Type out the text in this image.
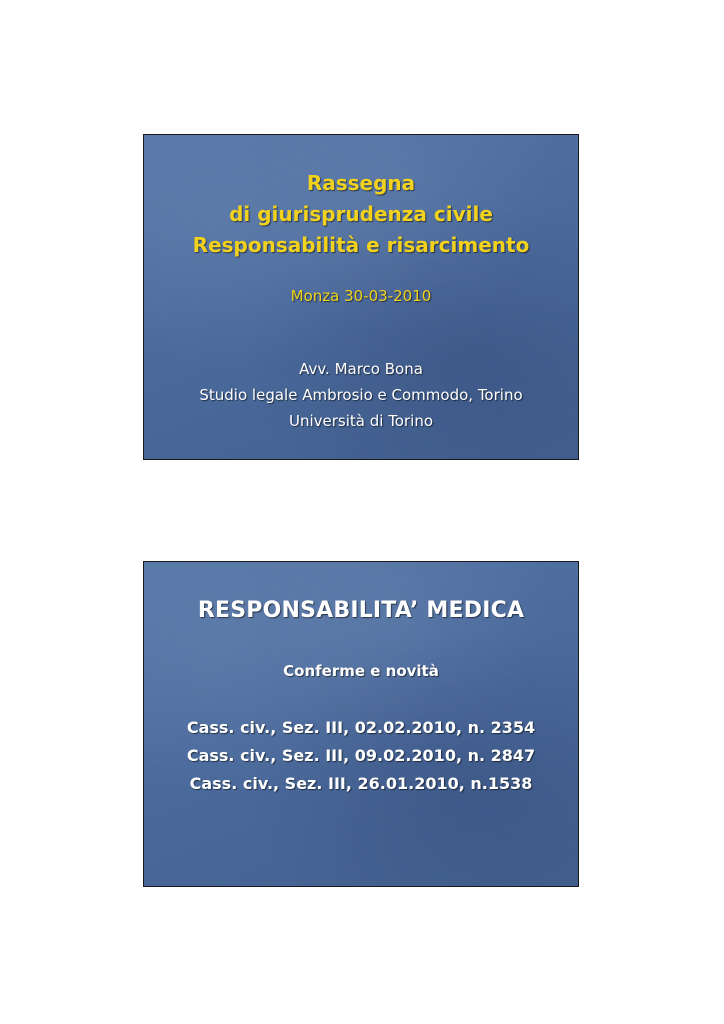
Rassegna
di giurisprudenza civile
Responsabilità e risarcimento
Monza 30-03-2010
Avv. Marco Bona
Studio legale Ambrosio e Commodo, Torino
Università di Torino
RESPONSABILITA’ MEDICA
Conferme e novità
Cass. civ., Sez. III, 02.02.2010, n. 2354
Cass. civ., Sez. III, 09.02.2010, n. 2847
Cass. civ., Sez. III, 26.01.2010, n.1538
